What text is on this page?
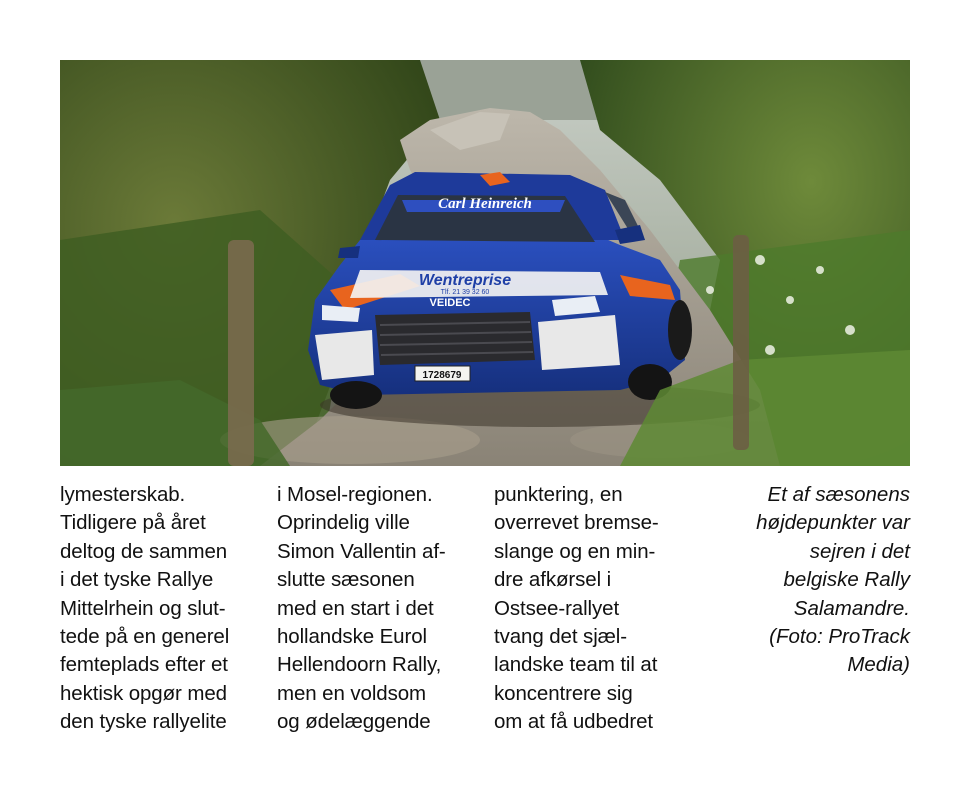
Carl Heinreich
Wentreprise
Tlf. 21 39 32 60
VEIDEC
1728679
lymesterskab.
Tidligere på året
deltog de sammen
i det tyske Rallye
Mittelrhein og slut-
tede på en generel
femteplads efter et
hektisk opgør med
den tyske rallyelite
i Mosel-regionen.
Oprindelig ville
Simon Vallentin af-
slutte sæsonen
med en start i det
hollandske Eurol
Hellendoorn Rally,
men en voldsom
og ødelæggende
punktering, en
overrevet bremse-
slange og en min-
dre afkørsel i
Ostsee-rallyet
tvang det sjæl-
landske team til at
koncentrere sig
om at få udbedret
Et af sæsonens
højdepunkter var
sejren i det
belgiske Rally
Salamandre.
(Foto: ProTrack
Media)
